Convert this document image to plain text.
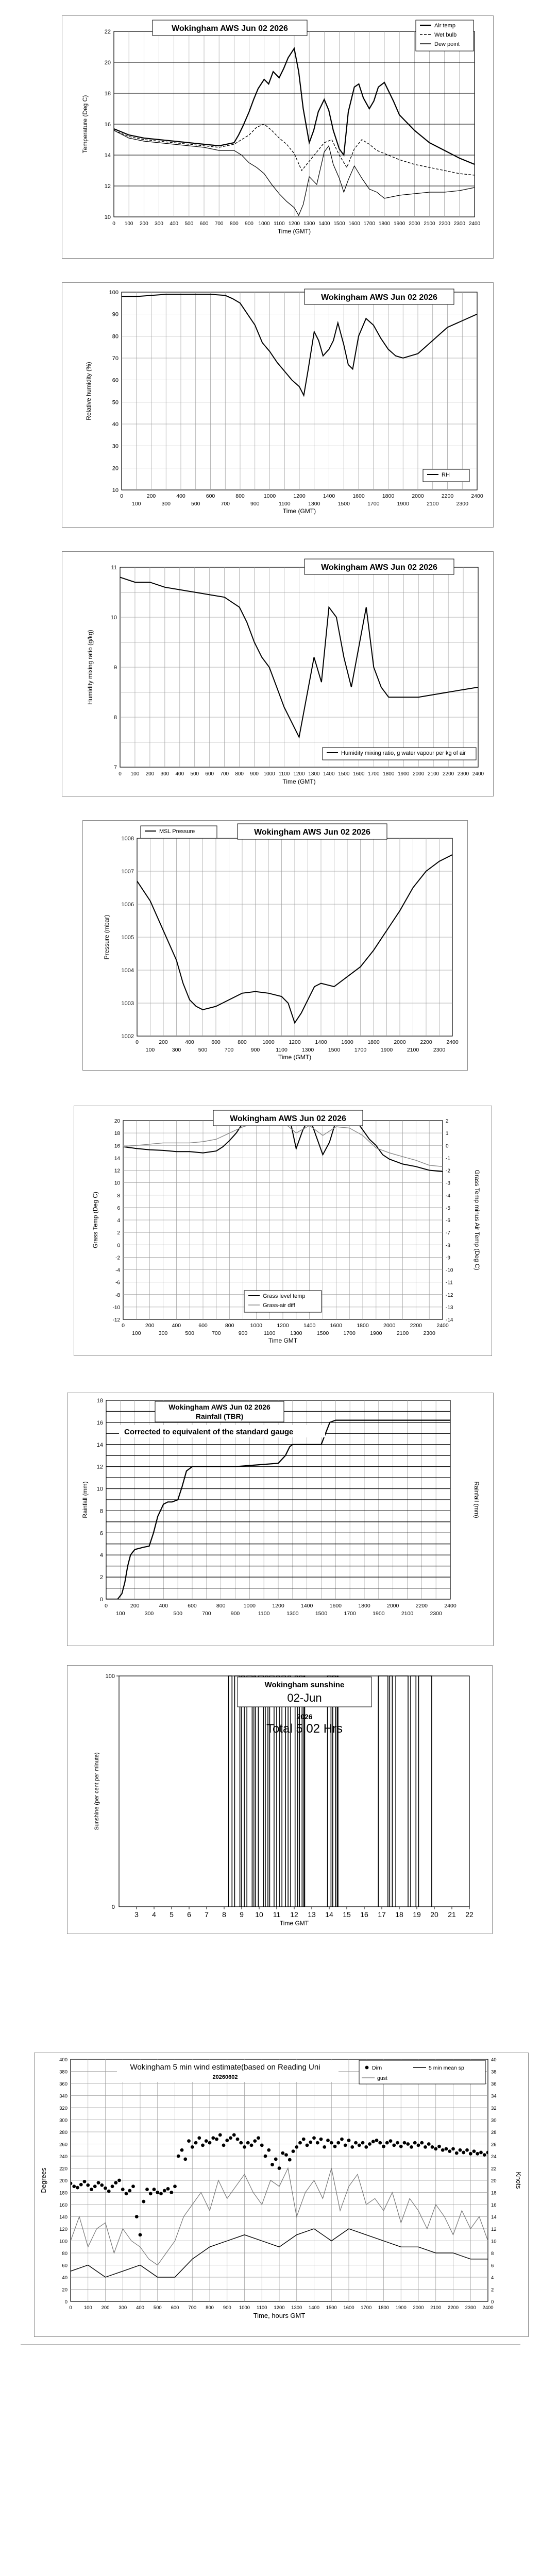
10
12
14
16
18
20
22
0 100 200 300 400 500 600 700 800 900 1000 1100 1200 1300 1400 1500 1600 1700 1800 1900 2000 2100 2200 2300 2400
Time (GMT)
Temperature (Deg C)
Wokingham AWS Jun 02 2026	Air temp
Wet bulb
Dew point
10
20
30
40
50
60
70
80
90
100
0	200	400	600	800	1000	1200	1400	1600	1800	2000	2200	2400
100	300	500	700	900	1100	1300	1500	1700	1900	2100	2300
Time (GMT)
Relative humidity (%)
Wokingham AWS Jun 02 2026
RH
7
8
9
10
11
0 100 200 300 400 500 600 700 800 900 1000 1100 1200 1300 1400 1500 1600 1700 1800 1900 2000 2100 2200 2300 2400
Time (GMT)
Humidity mixing ratio (g/kg)
Wokingham AWS Jun 02 2026
Humidity mixing ratio, g water vapour per kg of air
1002
1003
1004
1005
1006
1007
1008
0	200	400	600	800	1000	1200	1400	1600	1800	2000	2200	2400
100	300	500	700	900	1100	1300	1500	1700	1900	2100	2300
Time (GMT)
Pressure (mbar)
MSL Pressure	Wokingham AWS Jun 02 2026
-12
-10
-8
-6
-4
-2
0
2
4
6
8
10
12
14
16
18
20
-14
-13
-12
-11
-10
-9
-8
-7
-6
-5
-4
-3
-2
-1
0
1
2
0	200	400	600	800	1000	1200	1400	1600	1800	2000	2200	2400
100	300	500	700	900	1100	1300	1500	1700	1900	2100	2300
Time GMT
Grass Temp (Deg C)	Grass Temp minus Air Temp (Deg C)
Wokingham AWS Jun 02 2026
Grass level temp
Grass-air diff
0
2
4
6
8
10
12
14
16
18
0	200	400	600	800	1000	1200	1400	1600	1800	2000	2200	2400
100	300	500	700	900	1100	1300	1500	1700	1900	2100	2300
Rainfall (mm)	Rainfall (mm)
Wokingham AWS Jun 02 2026
Rainfall (TBR)
Corrected to equivalent of the standard gauge
3 4 5 6 7 8 9 10 11 12 13 14 15 16 17 18 19 20 21 22
Time GMT
100
0
Sunshine (per cent per minute)
Wokingham sunshine
02-Jun
2026
Total 5.02 Hrs
0
20
40
60
80
100
120
140
160
180
200
220
240
260
280
300
320
340
360
380
400
0
2
4
6
8
10
12
14
16
18
20
22
24
26
28
30
32
34
36
38
40
0 100 200 300 400 500 600 700 800 900 1000 1100 1200 1300 1400 1500 1600 1700 1800 1900 2000 2100 2200 2300 2400
Time, hours GMT
Degrees	Knots
Wokingham 5 min wind estimate(based on Reading Uni
20260602
Dirn	5 min mean sp
gust
